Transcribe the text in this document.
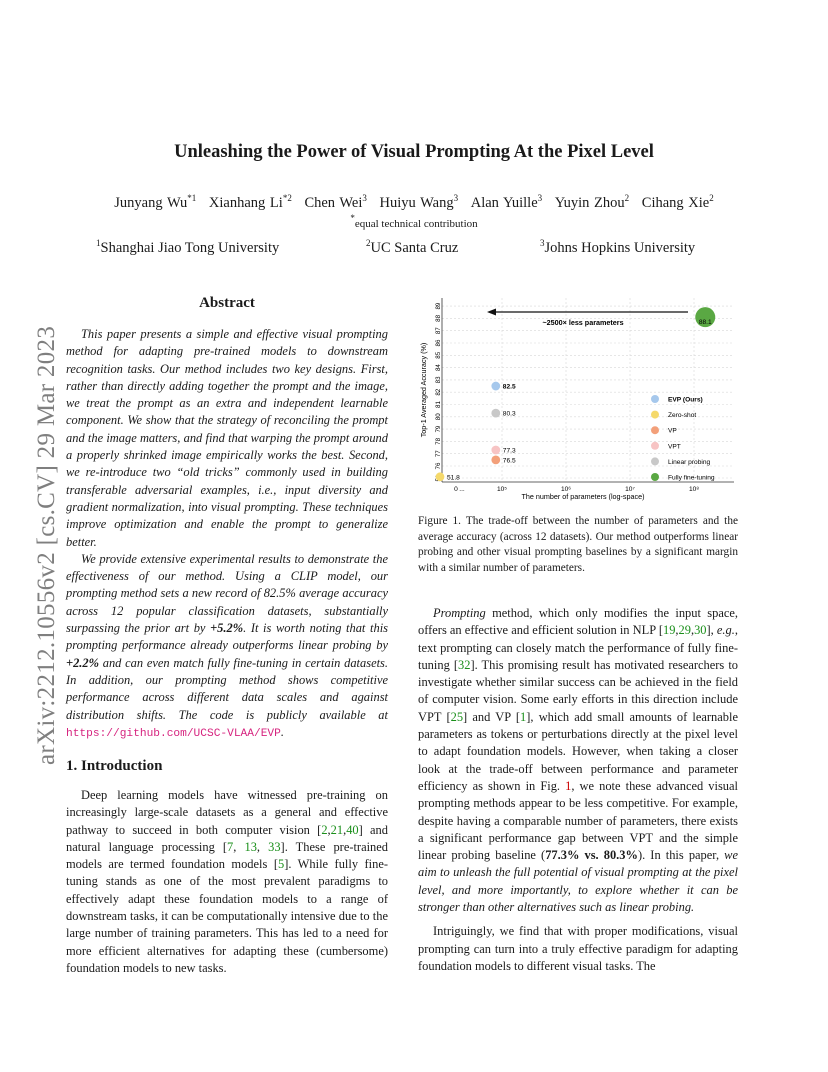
arXiv:2212.10556v2 [cs.CV] 29 Mar 2023
Unleashing the Power of Visual Prompting At the Pixel Level
Junyang Wu$^{*1}$ Xianhang Li$^{*2}$ Chen Wei$^3$ Huiyu Wang$^3$ Alan Yuille$^3$ Yuyin Zhou$^2$ Cihang Xie$^2$
*equal technical contribution
$^1$Shanghai Jiao Tong University	$^2$UC Santa Cruz	$^3$Johns Hopkins University
Abstract

This paper presents a simple and effective visual prompting method for adapting pre-trained models to downstream recognition tasks. Our method includes two key designs. First, rather than directly adding together the prompt and the image, we treat the prompt as an extra and independent learnable component. We show that the strategy of reconciling the prompt and the image matters, and find that warping the prompt around a properly shrinked image empirically works the best. Second, we re-introduce two “old tricks” commonly used in building transferable adversarial examples, i.e., input diversity and gradient normalization, into visual prompting. These techniques improve optimization and enable the prompt to generalize better.

We provide extensive experimental results to demonstrate the effectiveness of our method. Using a CLIP model, our prompting method sets a new record of 82.5% average accuracy across 12 popular classification datasets, substantially surpassing the prior art by +5.2%. It is worth noting that this prompting performance already outperforms linear probing by +2.2% and can even match fully fine-tuning in certain datasets. In addition, our prompting method shows competitive performance across different data scales and against distribution shifts. The code is publicly available at https://github.com/UCSC-VLAA/EVP.

1. Introduction

Deep learning models have witnessed pre-training on increasingly large-scale datasets as a general and effective pathway to succeed in both computer vision [2,21,40] and natural language processing [7, 13, 33]. These pre-trained models are termed foundation models [5]. While fully fine-tuning stands as one of the most prevalent paradigms to effectively adapt these foundation models to a range of downstream tasks, it can be computationally intensive due to the large number of training parameters. This has led to a need for more efficient alternatives for adapting these (cumbersome) foundation models to new tasks.

76
77
78
79
80
81
82
83
84
85
86
87
88
89
0 ...	10⁵	10⁶	10⁷	10⁸
Top-1 Averaged Accuracy (%)
The number of parameters (log-space)
~2500× less parameters
82.5
80.3
77.3
76.5
51.8
88.1
EVP (Ours)
Zero-shot
VP
VPT
Linear probing
Fully fine-tuning
Figure 1. The trade-off between the number of parameters and the average accuracy (across 12 datasets). Our method outperforms linear probing and other visual prompting baselines by a significant margin with a similar number of parameters.

Prompting method, which only modifies the input space, offers an effective and efficient solution in NLP [19,29,30], e.g., text prompting can closely match the performance of fully fine-tuning [32]. This promising result has motivated researchers to investigate whether similar success can be achieved in the field of computer vision. Some early efforts in this direction include VPT [25] and VP [1], which add small amounts of learnable parameters as tokens or perturbations directly at the pixel level to adapt foundation models. However, when taking a closer look at the trade-off between performance and parameter efficiency as shown in Fig. 1, we note these advanced visual prompting methods appear to be less competitive. For example, despite having a comparable number of parameters, there exists a significant performance gap between VPT and the simple linear probing baseline (77.3% vs. 80.3%). In this paper, we aim to unleash the full potential of visual prompting at the pixel level, and more importantly, to explore whether it can be stronger than other alternatives such as linear probing.

Intriguingly, we find that with proper modifications, visual prompting can turn into a truly effective paradigm for adapting foundation models to different visual tasks. The
